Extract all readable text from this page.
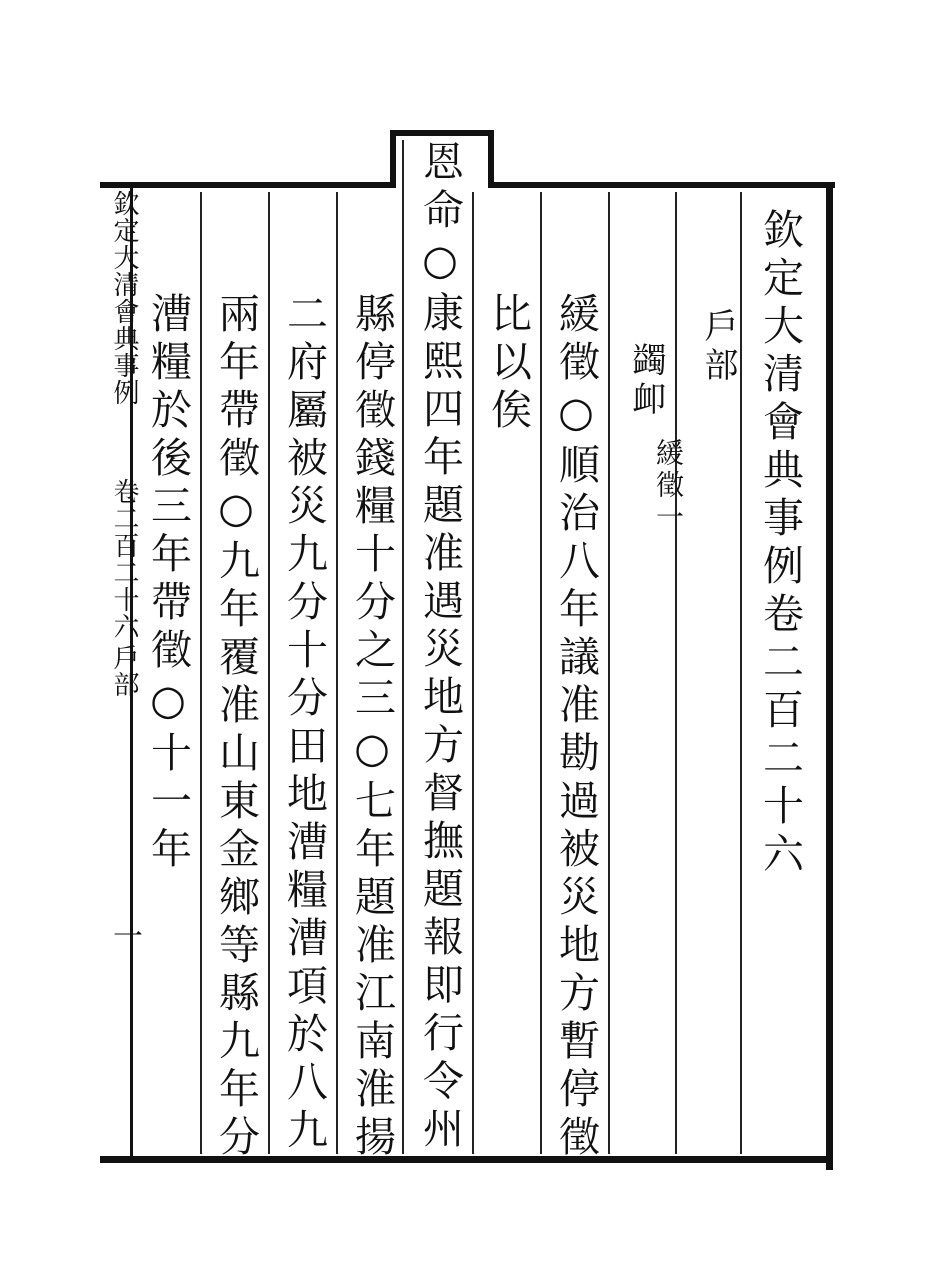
欽定大清會典事例卷二百二十六
戶部
蠲卹
緩徵一
緩徵○順治八年議准勘過被災地方暫停徵
比以俟
恩命○康熙四年題准遇災地方督撫題報即行令州
縣停徵錢糧十分之三○七年題准江南淮揚
二府屬被災九分十分田地漕糧漕項於八九
兩年帶徵○九年覆准山東金鄉等縣九年分
漕糧於後三年帶徵○十一年
欽定大清會典事例
卷二百二十六
戶部
一
